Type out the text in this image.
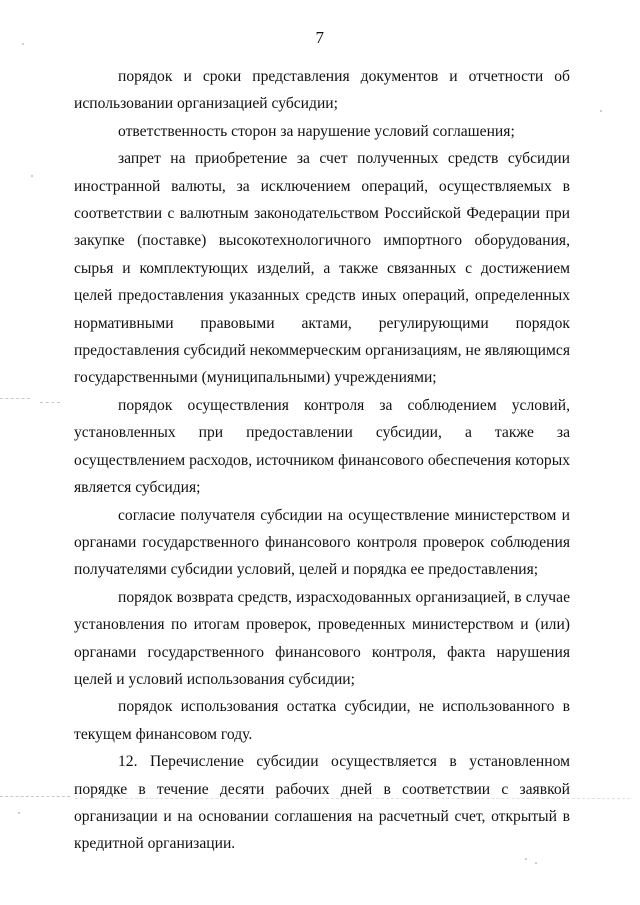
7

порядок и сроки представления документов и отчетности об использовании организацией субсидии;

ответственность сторон за нарушение условий соглашения;

запрет на приобретение за счет полученных средств субсидии иностранной валюты, за исключением операций, осуществляемых в соответствии с валютным законодательством Российской Федерации при закупке (поставке) высокотехнологичного импортного оборудования, сырья и комплектующих изделий, а также связанных с достижением целей предоставления указанных средств иных операций, определенных нормативными правовыми актами, регулирующими порядок предоставления субсидий некоммерческим организациям, не являющимся государственными (муниципальными) учреждениями;

порядок осуществления контроля за соблюдением условий, установленных при предоставлении субсидии, а также за осуществлением расходов, источником финансового обеспечения которых является субсидия;

согласие получателя субсидии на осуществление министерством и органами государственного финансового контроля проверок соблюдения получателями субсидии условий, целей и порядка ее предоставления;

порядок возврата средств, израсходованных организацией, в случае установления по итогам проверок, проведенных министерством и (или) органами государственного финансового контроля, факта нарушения целей и условий использования субсидии;

порядок использования остатка субсидии, не использованного в текущем финансовом году.

12. Перечисление субсидии осуществляется в установленном порядке в течение десяти рабочих дней в соответствии с заявкой организации и на основании соглашения на расчетный счет, открытый в кредитной организации.
